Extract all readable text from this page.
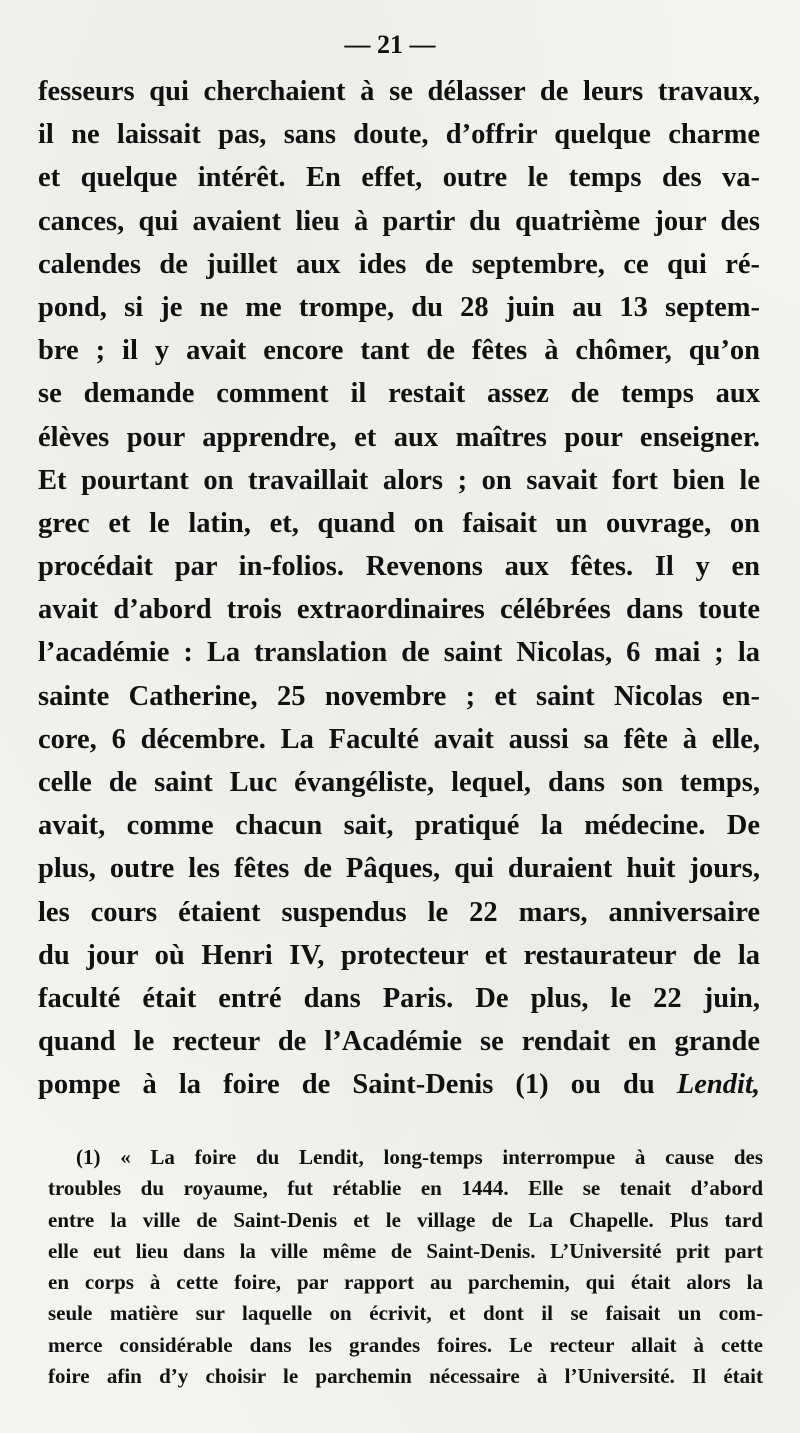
— 21 —
fesseurs qui cherchaient à se délasser de leurs travaux,
il ne laissait pas, sans doute, d’offrir quelque charme
et quelque intérêt. En effet, outre le temps des va-
cances, qui avaient lieu à partir du quatrième jour des
calendes de juillet aux ides de septembre, ce qui ré-
pond, si je ne me trompe, du 28 juin au 13 septem-
bre ; il y avait encore tant de fêtes à chômer, qu’on
se demande comment il restait assez de temps aux
élèves pour apprendre, et aux maîtres pour enseigner.
Et pourtant on travaillait alors ; on savait fort bien le
grec et le latin, et, quand on faisait un ouvrage, on
procédait par in-folios. Revenons aux fêtes. Il y en
avait d’abord trois extraordinaires célébrées dans toute
l’académie : La translation de saint Nicolas, 6 mai ; la
sainte Catherine, 25 novembre ; et saint Nicolas en-
core, 6 décembre. La Faculté avait aussi sa fête à elle,
celle de saint Luc évangéliste, lequel, dans son temps,
avait, comme chacun sait, pratiqué la médecine. De
plus, outre les fêtes de Pâques, qui duraient huit jours,
les cours étaient suspendus le 22 mars, anniversaire
du jour où Henri IV, protecteur et restaurateur de la
faculté était entré dans Paris. De plus, le 22 juin,
quand le recteur de l’Académie se rendait en grande
pompe à la foire de Saint-Denis (1) ou du Lendit,
(1) « La foire du Lendit, long-temps interrompue à cause des
troubles du royaume, fut rétablie en 1444. Elle se tenait d’abord
entre la ville de Saint-Denis et le village de La Chapelle. Plus tard
elle eut lieu dans la ville même de Saint-Denis. L’Université prit part
en corps à cette foire, par rapport au parchemin, qui était alors la
seule matière sur laquelle on écrivit, et dont il se faisait un com-
merce considérable dans les grandes foires. Le recteur allait à cette
foire afin d’y choisir le parchemin nécessaire à l’Université. Il était
